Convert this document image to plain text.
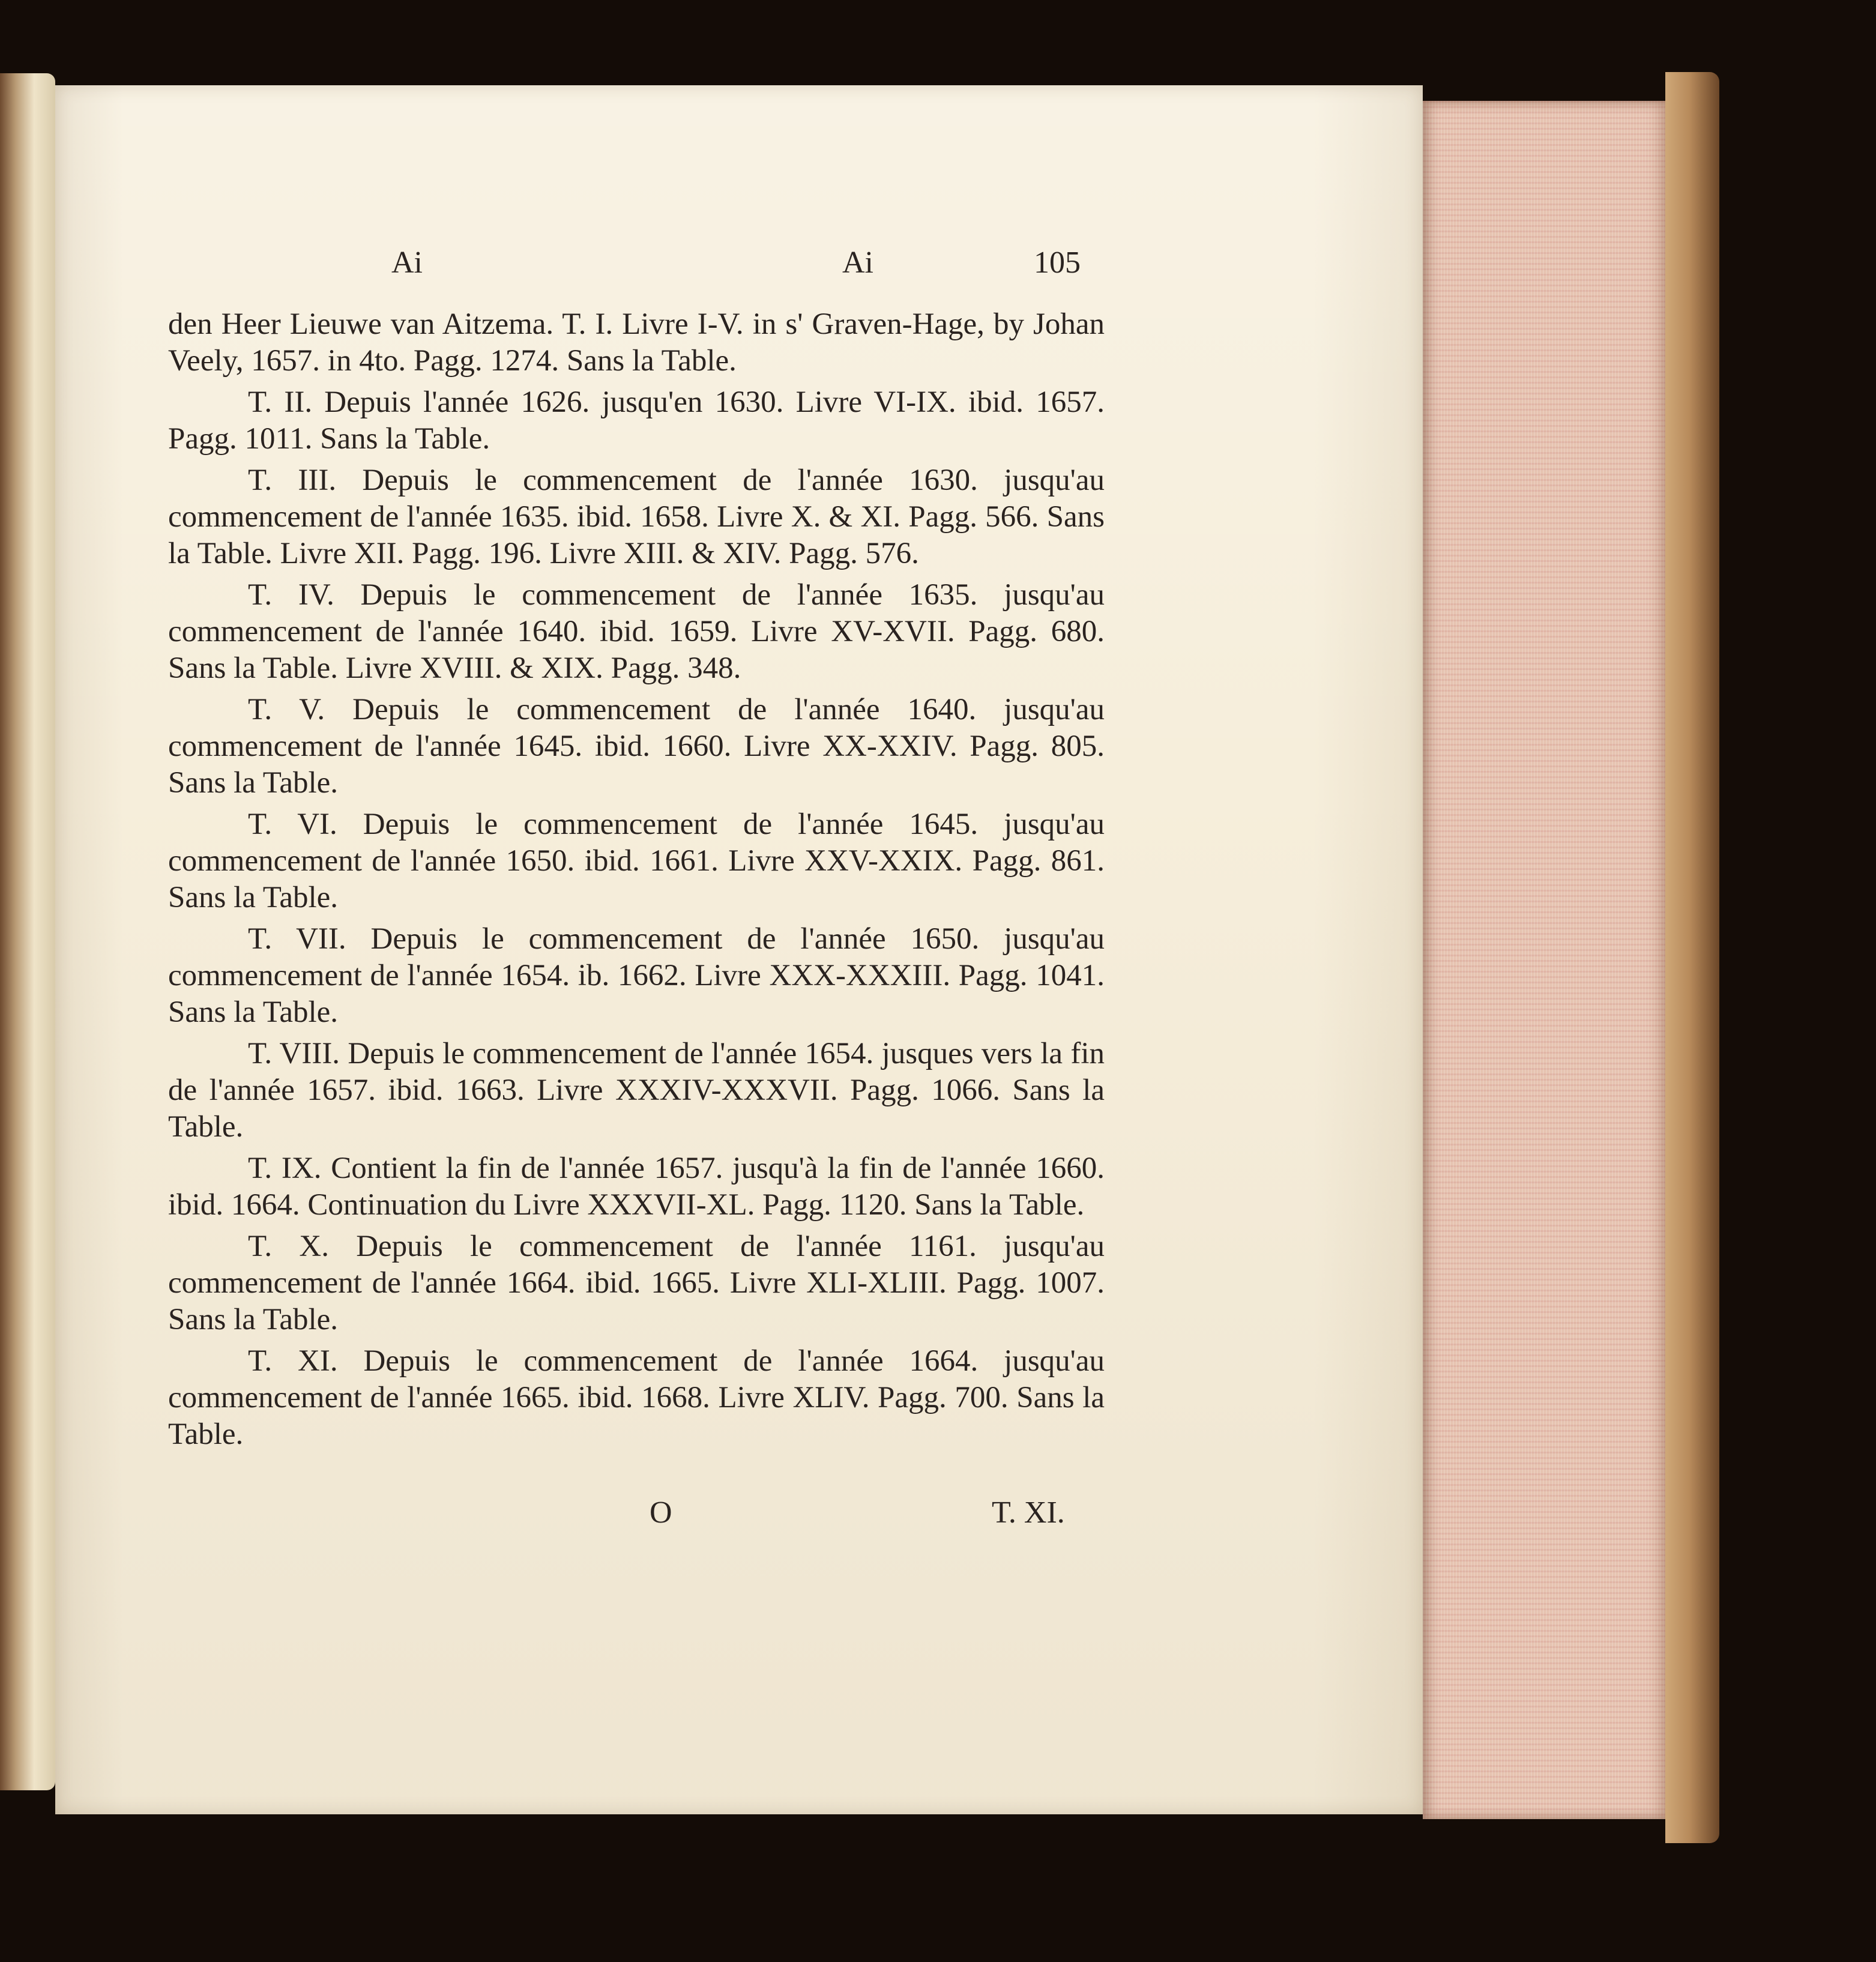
Ai	Ai	105

den Heer Lieuwe van Aitzema. T. I. Livre I-V. in s' Graven-Hage, by Johan Veely, 1657. in 4to. Pagg. 1274. Sans la Table.

T. II. Depuis l'année 1626. jusqu'en 1630. Livre VI-IX. ibid. 1657. Pagg. 1011. Sans la Table.

T. III. Depuis le commencement de l'année 1630. jusqu'au commencement de l'année 1635. ibid. 1658. Livre X. & XI. Pagg. 566. Sans la Table. Livre XII. Pagg. 196. Livre XIII. & XIV. Pagg. 576.

T. IV. Depuis le commencement de l'année 1635. jusqu'au commencement de l'année 1640. ibid. 1659. Livre XV-XVII. Pagg. 680. Sans la Table. Livre XVIII. & XIX. Pagg. 348.

T. V. Depuis le commencement de l'année 1640. jusqu'au commencement de l'année 1645. ibid. 1660. Livre XX-XXIV. Pagg. 805. Sans la Table.

T. VI. Depuis le commencement de l'année 1645. jusqu'au commencement de l'année 1650. ibid. 1661. Livre XXV-XXIX. Pagg. 861. Sans la Table.

T. VII. Depuis le commencement de l'année 1650. jusqu'au commencement de l'année 1654. ib. 1662. Livre XXX-XXXIII. Pagg. 1041. Sans la Table.

T. VIII. Depuis le commencement de l'année 1654. jusques vers la fin de l'année 1657. ibid. 1663. Livre XXXIV-XXXVII. Pagg. 1066. Sans la Table.

T. IX. Contient la fin de l'année 1657. jusqu'à la fin de l'année 1660. ibid. 1664. Continuation du Livre XXXVII-XL. Pagg. 1120. Sans la Table.

T. X. Depuis le commencement de l'année 1161. jusqu'au commencement de l'année 1664. ibid. 1665. Livre XLI-XLIII. Pagg. 1007. Sans la Table.

T. XI. Depuis le commencement de l'année 1664. jusqu'au commencement de l'année 1665. ibid. 1668. Livre XLIV. Pagg. 700. Sans la Table.

O	T. XI.
